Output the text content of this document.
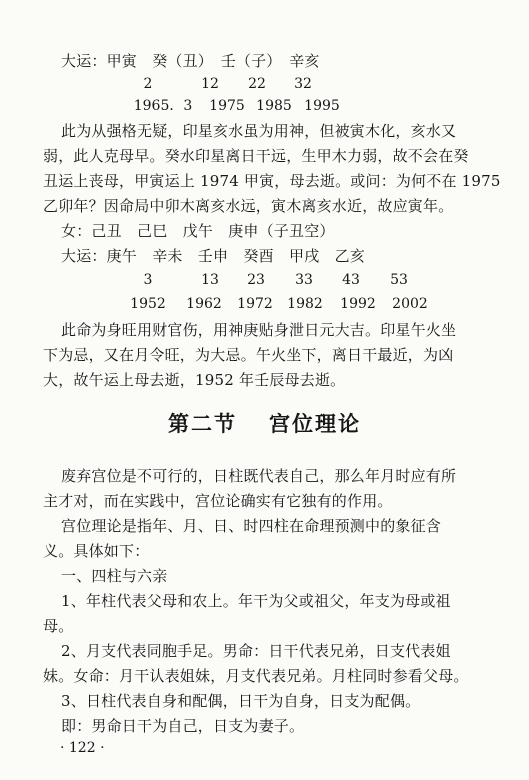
大运：甲寅　癸（丑）　壬（子）　辛亥
2	12 22 32
1965．3 1975 1985 1995
此为从强格无疑，印星亥水虽为用神，但被寅木化，亥水又
弱，此人克母早。癸水印星离日干远，生甲木力弱，故不会在癸
丑运上丧母，甲寅运上 1974 甲寅，母去逝。或问：为何不在 1975
乙卯年？因命局中卯木离亥水远，寅木离亥水近，故应寅年。
女：己丑　己巳　戊午　庚申（子丑空）
大运：庚午　辛未　壬申　癸酉　甲戌　乙亥
3	13 23 33 43 53
1952 1962 1972 1982 1992 2002
此命为身旺用财官伤，用神庚贴身泄日元大吉。印星午火坐
下为忌，又在月令旺，为大忌。午火坐下，离日干最近，为凶
大，故午运上母去逝，1952 年壬辰母去逝。
第二节 宫位理论
废弃宫位是不可行的，日柱既代表自己，那么年月时应有所
主才对，而在实践中，宫位论确实有它独有的作用。
宫位理论是指年、月、日、时四柱在命理预测中的象征含
义。具体如下：
一、四柱与六亲
1、年柱代表父母和农上。年干为父或祖父，年支为母或祖
母。
2、月支代表同胞手足。男命：日干代表兄弟，日支代表姐
妹。女命：月干认表姐妹，月支代表兄弟。月柱同时参看父母。
3、日柱代表自身和配偶，日干为自身，日支为配偶。
即：男命日干为自己，日支为妻子。
· 122 ·
